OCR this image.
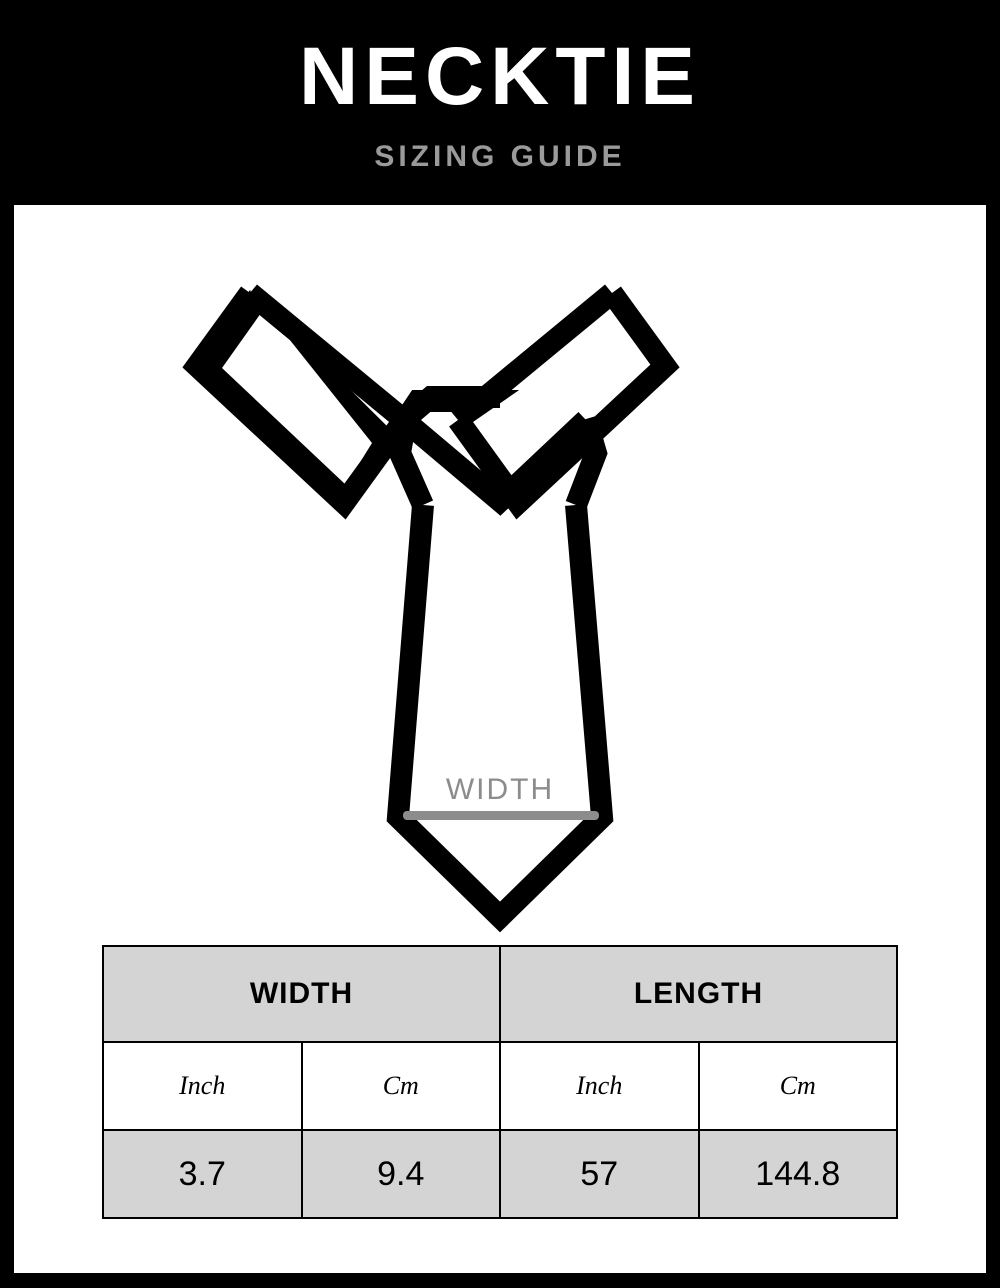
NECKTIE
SIZING GUIDE
WIDTH
WIDTH		LENGTH	
Inch	Cm	Inch	Cm
3.7	9.4	57	144.8
